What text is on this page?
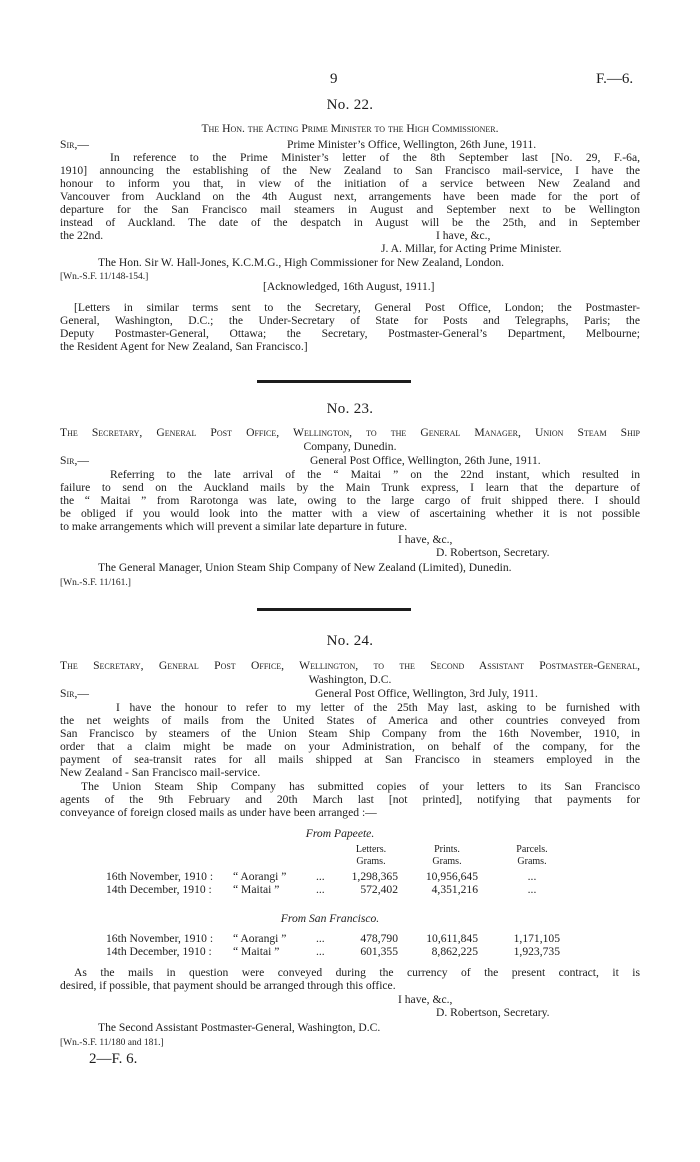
9	F.—6.
No. 22.
The Hon. the Acting Prime Minister to the High Commissioner.
Sir,—	Prime Minister’s Office, Wellington, 26th June, 1911.
In reference to the Prime Minister’s letter of the 8th September last [No. 29, F.-6a,
1910] announcing the establishing of the New Zealand to San Francisco mail-service, I have the
honour to inform you that, in view of the initiation of a service between New Zealand and
Vancouver from Auckland on the 4th August next, arrangements have been made for the port of
departure for the San Francisco mail steamers in August and September next to be Wellington
instead of Auckland. The date of the despatch in August will be the 25th, and in September
the 22nd.	I have, &c.,
J. A. Millar, for Acting Prime Minister.
The Hon. Sir W. Hall-Jones, K.C.M.G., High Commissioner for New Zealand, London.
[Wn.-S.F. 11/148-154.]
[Acknowledged, 16th August, 1911.]
[Letters in similar terms sent to the Secretary, General Post Office, London; the Postmaster-
General, Washington, D.C.; the Under-Secretary of State for Posts and Telegraphs, Paris; the
Deputy Postmaster-General, Ottawa; the Secretary, Postmaster-General’s Department, Melbourne;
the Resident Agent for New Zealand, San Francisco.]
No. 23.
The Secretary, General Post Office, Wellington, to the General Manager, Union Steam Ship
Company, Dunedin.
Sir,—	General Post Office, Wellington, 26th June, 1911.
Referring to the late arrival of the “ Maitai ” on the 22nd instant, which resulted in
failure to send on the Auckland mails by the Main Trunk express, I learn that the departure of
the “ Maitai ” from Rarotonga was late, owing to the large cargo of fruit shipped there. I should
be obliged if you would look into the matter with a view of ascertaining whether it is not possible
to make arrangements which will prevent a similar late departure in future.
I have, &c.,
D. Robertson, Secretary.
The General Manager, Union Steam Ship Company of New Zealand (Limited), Dunedin.
[Wn.-S.F. 11/161.]
No. 24.
The Secretary, General Post Office, Wellington, to the Second Assistant Postmaster-General,
Washington, D.C.
Sir,—	General Post Office, Wellington, 3rd July, 1911.
I have the honour to refer to my letter of the 25th May last, asking to be furnished with
the net weights of mails from the United States of America and other countries conveyed from
San Francisco by steamers of the Union Steam Ship Company from the 16th November, 1910, in
order that a claim might be made on your Administration, on behalf of the company, for the
payment of sea-transit rates for all mails shipped at San Francisco in steamers employed in the
New Zealand - San Francisco mail-service.
The Union Steam Ship Company has submitted copies of your letters to its San Francisco
agents of the 9th February and 20th March last [not printed], notifying that payments for
conveyance of foreign closed mails as under have been arranged :—
From Papeete.
Letters.	Prints.	Parcels.
Grams.	Grams.	Grams.
16th November, 1910 : “ Aorangi ”	...	1,298,365	10,956,645	...
14th December, 1910 : “ Maitai ”	...	572,402	4,351,216	...
From San Francisco.
16th November, 1910 : “ Aorangi ”	...	478,790	10,611,845	1,171,105
14th December, 1910 : “ Maitai ”	...	601,355	8,862,225	1,923,735
As the mails in question were conveyed during the currency of the present contract, it is
desired, if possible, that payment should be arranged through this office.
I have, &c.,
D. Robertson, Secretary.
The Second Assistant Postmaster-General, Washington, D.C.
[Wn.-S.F. 11/180 and 181.]
2—F. 6.
